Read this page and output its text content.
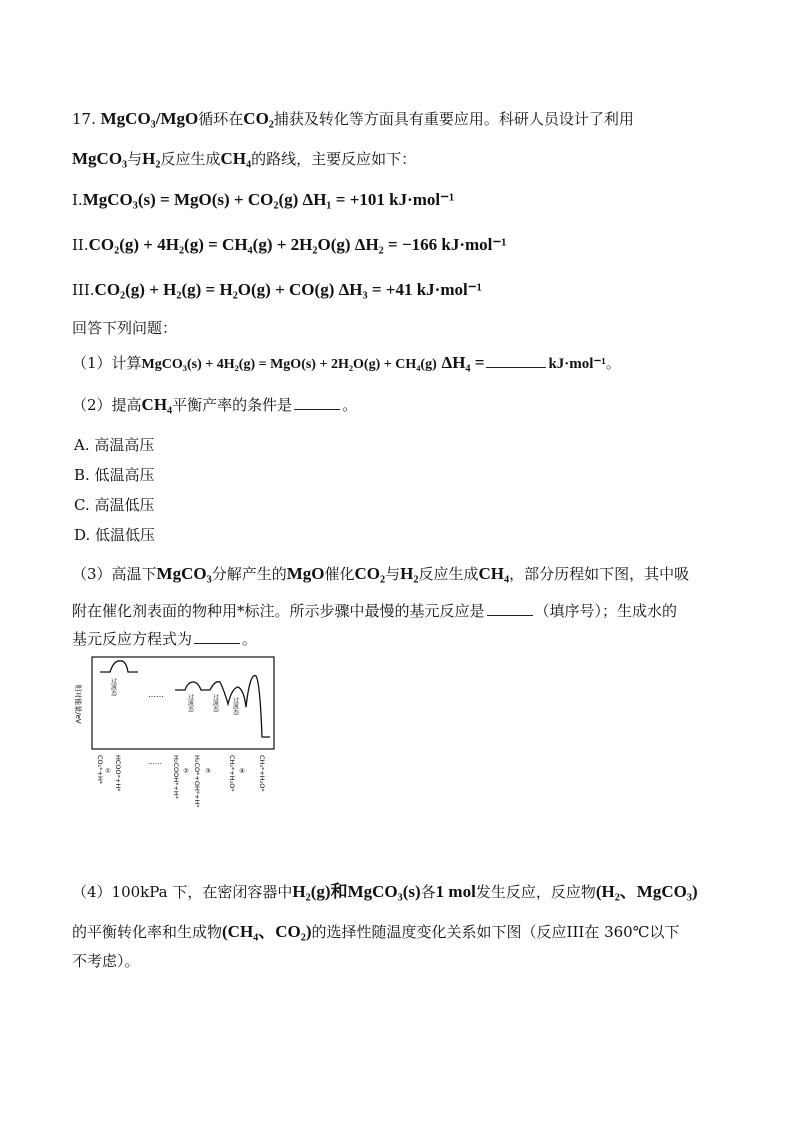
17. MgCO₃/MgO循环在CO₂捕获及转化等方面具有重要应用。科研人员设计了利用
MgCO₃与H₂反应生成CH₄的路线，主要反应如下：
I.MgCO₃(s) = MgO(s) + CO₂(g) ΔH₁ = +101 kJ·mol⁻¹
II.CO₂(g) + 4H₂(g) = CH₄(g) + 2H₂O(g) ΔH₂ = −166 kJ·mol⁻¹
III.CO₂(g) + H₂(g) = H₂O(g) + CO(g) ΔH₃ = +41 kJ·mol⁻¹
回答下列问题：
（1）计算MgCO₃(s) + 4H₂(g) = MgO(s) + 2H₂O(g) + CH₄(g) ΔH₄ =	kJ·mol⁻¹。
（2）提高CH₄平衡产率的条件是	。
A. 高温高压
B. 低温高压
C. 高温低压
D. 低温低压
（3）高温下MgCO₃分解产生的MgO催化CO₂与H₂反应生成CH₄，部分历程如下图，其中吸
附在催化剂表面的物种用*标注。所示步骤中最慢的基元反应是	（填序号）；生成水的
基元反应方程式为	。
相对能量/eV	过渡态
过渡态	过渡态 过渡态
……
CO₂*+H* ① HCOO*+H*	…… H₂COOH*+H* ② H₂CO*+OH*+H* ③ CH₂*+H₂O* ④ CH₃*+H₂O*
（4）100kPa 下，在密闭容器中H₂(g)和MgCO₃(s)各1 mol发生反应，反应物(H₂、MgCO₃)
的平衡转化率和生成物(CH₄、CO₂)的选择性随温度变化关系如下图（反应III在 360℃以下
不考虑）。
